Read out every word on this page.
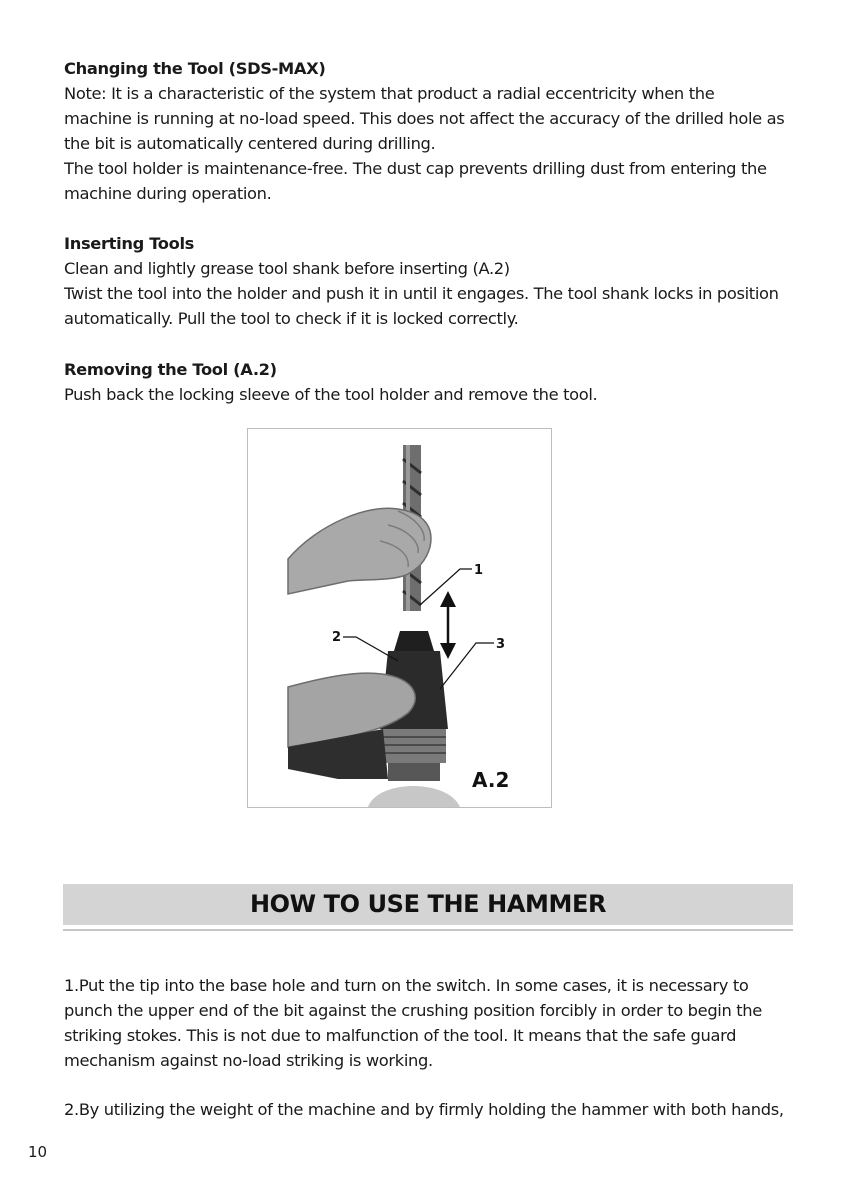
Changing the Tool (SDS-MAX)
Note: It is a characteristic of the system that product a radial eccentricity when the machine is running at no-load speed. This does not affect the accuracy of the drilled hole as the bit is automatically centered during drilling.
The tool holder is maintenance-free. The dust cap prevents drilling dust from entering the machine during operation.
Inserting Tools
Clean and lightly grease tool shank before inserting (A.2)
Twist the tool into the holder and push it in until it engages. The tool shank locks in position automatically. Pull the tool to check if it is locked correctly.
Removing the Tool (A.2)
Push back the locking sleeve of the tool holder and remove the tool.
1
2	3
A.2
HOW TO USE THE HAMMER
1.Put the tip into the base hole and turn on the switch. In some cases, it is necessary to punch the upper end of the bit against the crushing position forcibly in order to begin the striking stokes. This is not due to malfunction of the tool. It means that the safe guard mechanism against no-load striking is working.
2.By utilizing the weight of the machine and by firmly holding the hammer with both hands,
10
